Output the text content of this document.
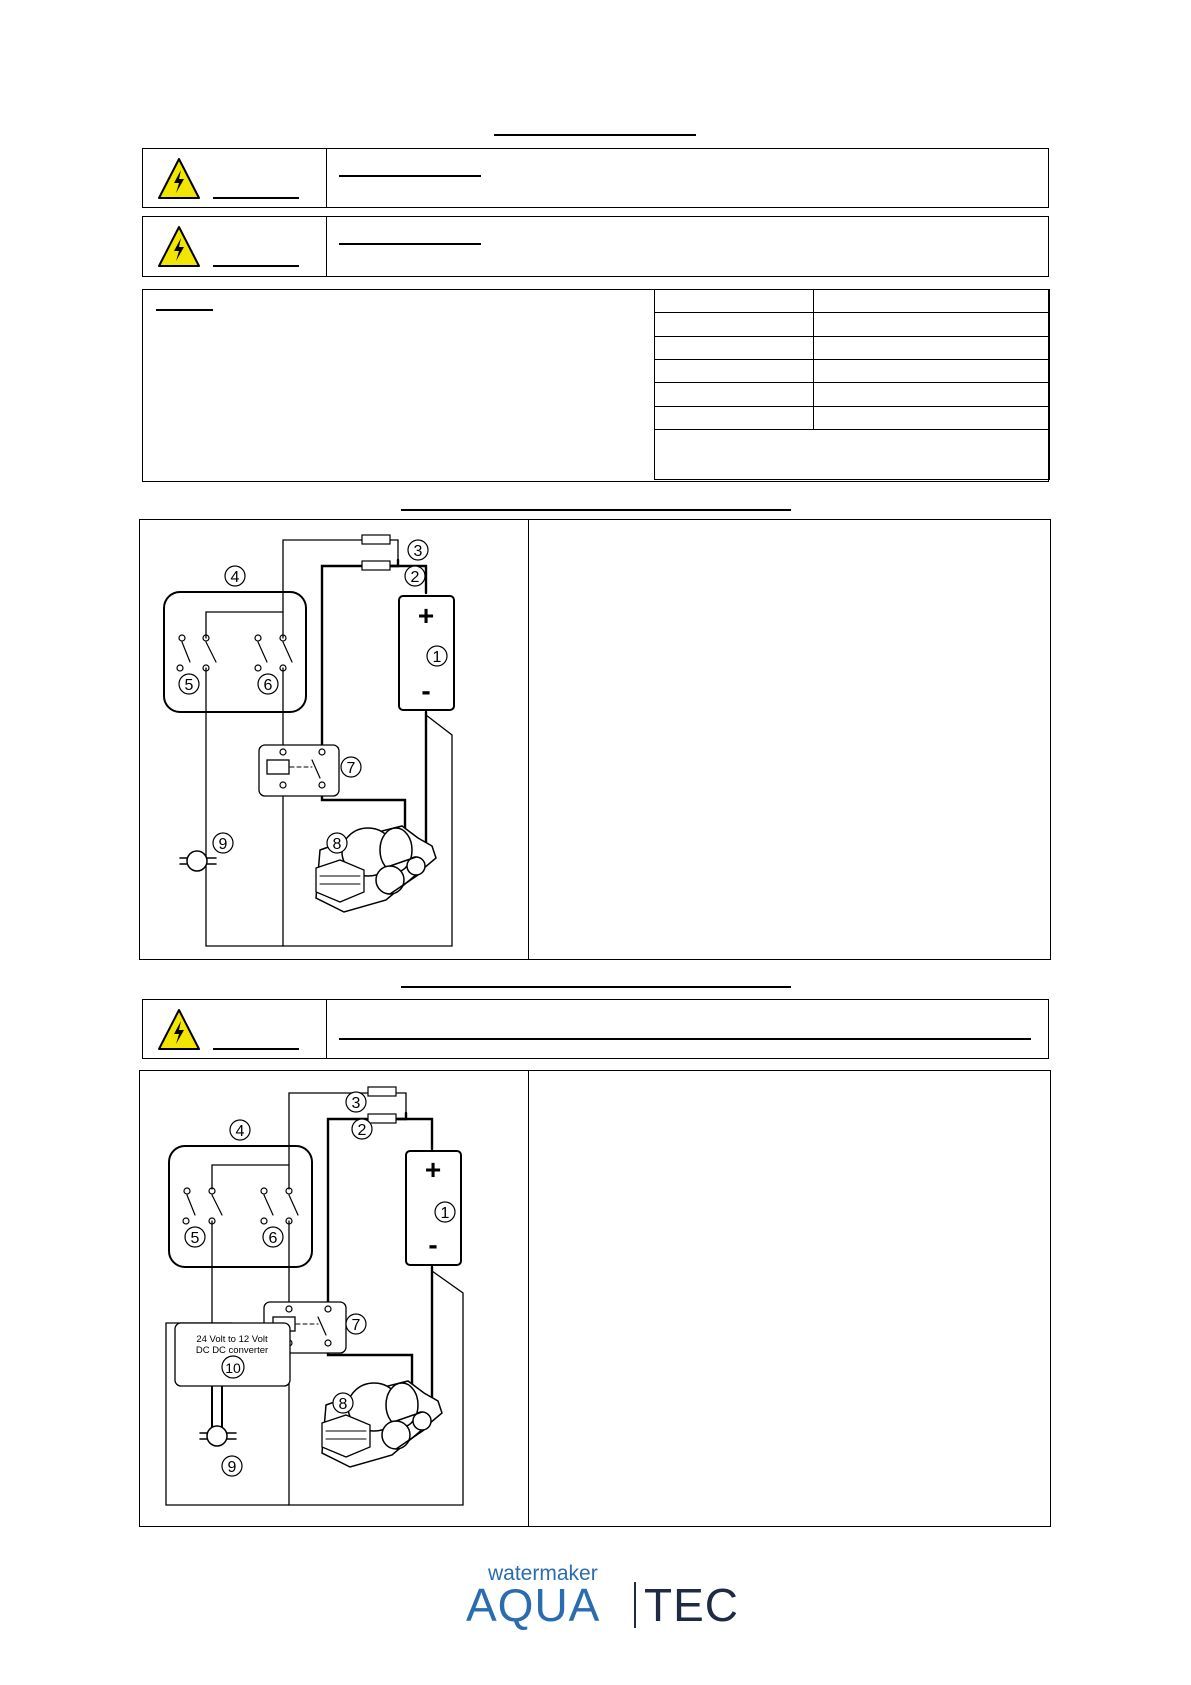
3
2
4
1
5	6
7
8
9
+
-
3
2
4
1
5	6
7
8
10
9
24 Volt to 12 Volt
DC DC converter
+
-
watermaker
AQUA TEC
